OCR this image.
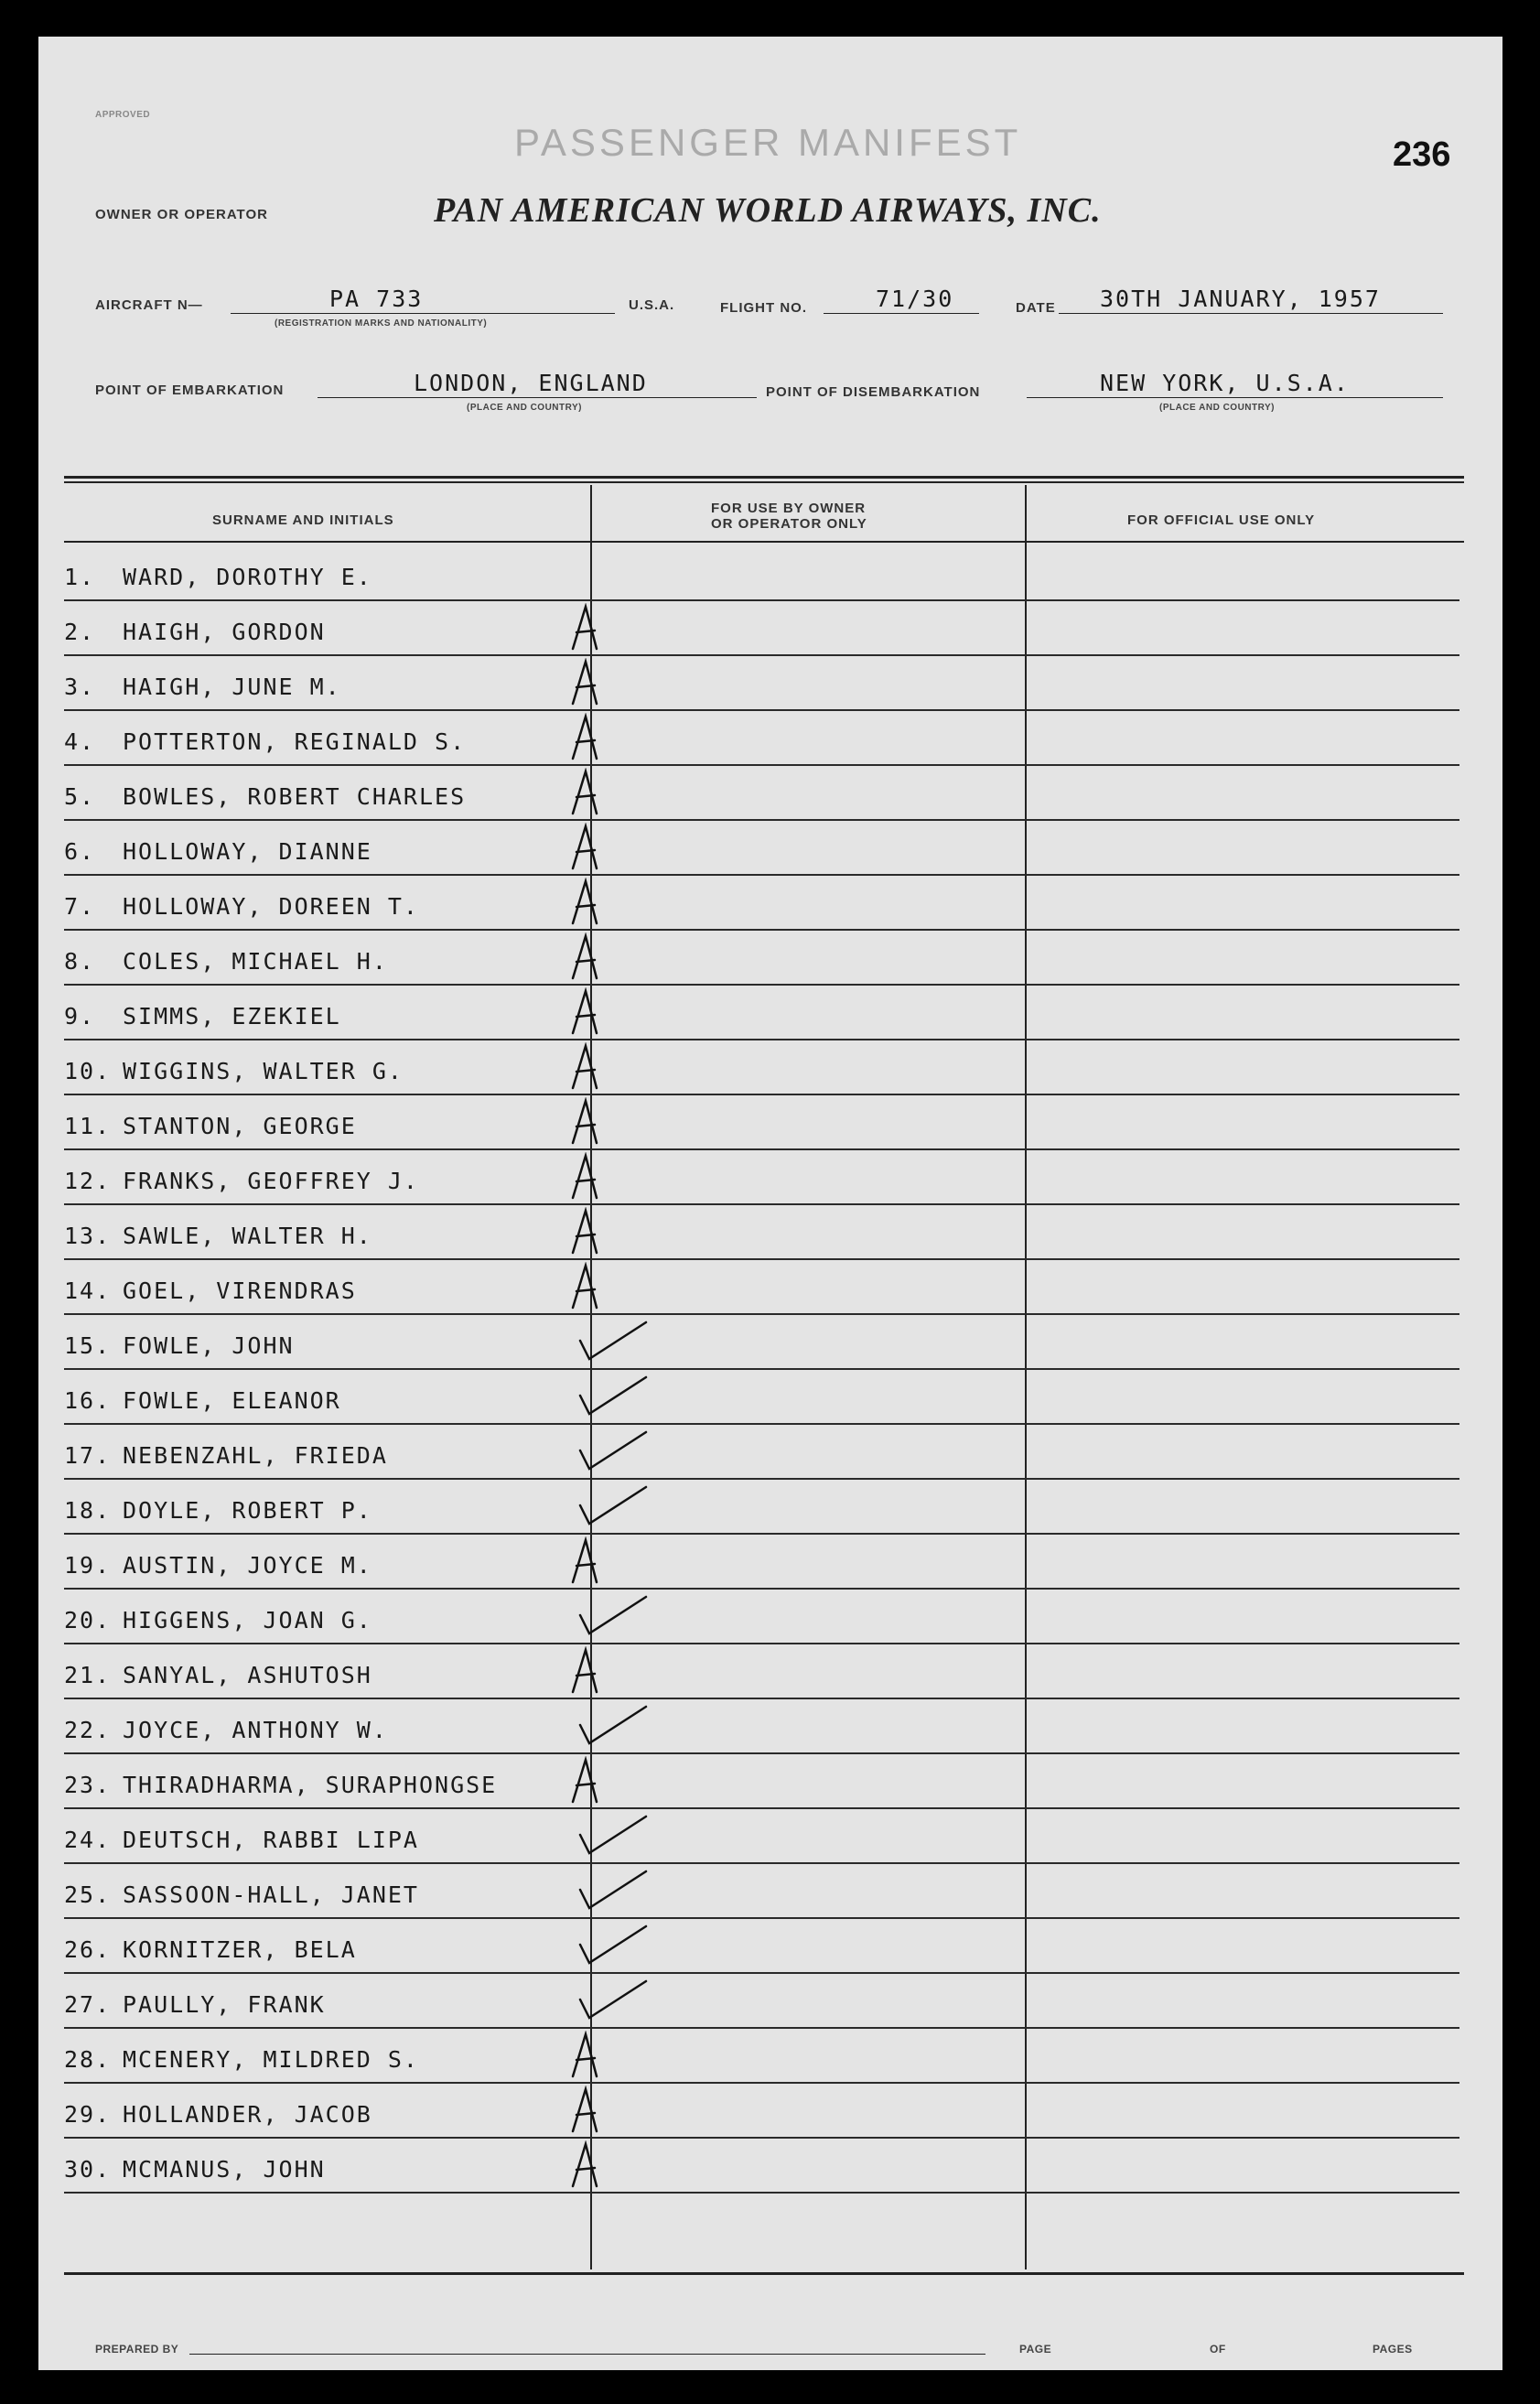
APPROVED
PASSENGER MANIFEST	236
OWNER OR OPERATOR	PAN AMERICAN WORLD AIRWAYS, INC.
AIRCRAFT N—	PA 733
(REGISTRATION MARKS AND NATIONALITY)
U.S.A.	FLIGHT NO.	71/30	DATE 30TH JANUARY, 1957
POINT OF EMBARKATION	LONDON, ENGLAND
(PLACE AND COUNTRY)
POINT OF DISEMBARKATION	NEW YORK, U.S.A.
(PLACE AND COUNTRY)
SURNAME AND INITIALS
FOR USE BY OWNER
OR OPERATOR ONLY	FOR OFFICIAL USE ONLY
1. WARD, DOROTHY E.
2. HAIGH, GORDON
3. HAIGH, JUNE M.
4. POTTERTON, REGINALD S.
5. BOWLES, ROBERT CHARLES
6. HOLLOWAY, DIANNE
7. HOLLOWAY, DOREEN T.
8. COLES, MICHAEL H.
9. SIMMS, EZEKIEL
10. WIGGINS, WALTER G.
11. STANTON, GEORGE
12. FRANKS, GEOFFREY J.
13. SAWLE, WALTER H.
14. GOEL, VIRENDRAS
15. FOWLE, JOHN
16. FOWLE, ELEANOR
17. NEBENZAHL, FRIEDA
18. DOYLE, ROBERT P.
19. AUSTIN, JOYCE M.
20. HIGGENS, JOAN G.
21. SANYAL, ASHUTOSH
22. JOYCE, ANTHONY W.
23. THIRADHARMA, SURAPHONGSE
24. DEUTSCH, RABBI LIPA
25. SASSOON-HALL, JANET
26. KORNITZER, BELA
27. PAULLY, FRANK
28. MCENERY, MILDRED S.
29. HOLLANDER, JACOB
30. MCMANUS, JOHN
PREPARED BY	PAGE	OF	PAGES
